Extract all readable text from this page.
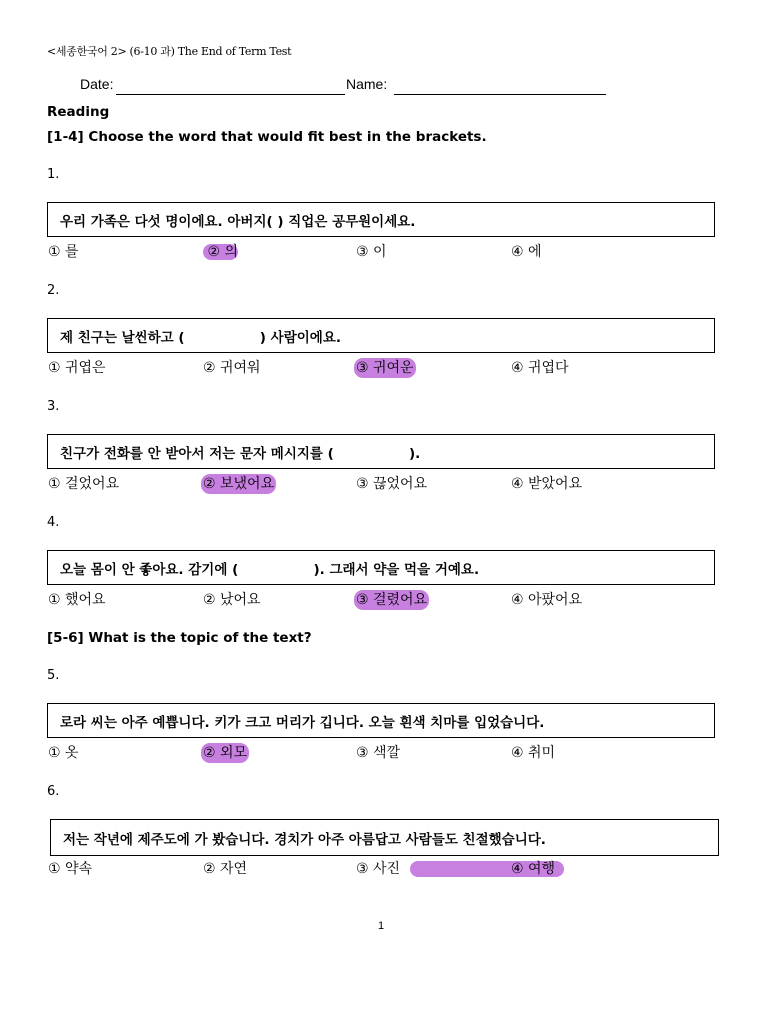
<세종한국어 2> (6-10 과) The End of Term Test
Date:	Name:
Reading
[1-4] Choose the word that would fit best in the brackets.
1.
우리 가족은 다섯 명이에요. 아버지( ) 직업은 공무원이세요.
① 를	② 의	③ 이	④ 에
2.
제 친구는 날씬하고 (                ) 사람이에요.
① 귀엽은	② 귀여워	③ 귀여운	④ 귀엽다
3.
친구가 전화를 안 받아서 저는 문자 메시지를 (                ).
① 걸었어요	② 보냈어요	③ 끊었어요	④ 받았어요
4.
오늘 몸이 안 좋아요. 감기에 (                ). 그래서 약을 먹을 거예요.
① 했어요	② 났어요	③ 걸렸어요	④ 아팠어요
[5-6] What is the topic of the text?
5.
로라 씨는 아주 예쁩니다. 키가 크고 머리가 깁니다. 오늘 흰색 치마를 입었습니다.
① 옷	② 외모	③ 색깔	④ 취미
6.
저는 작년에 제주도에 가 봤습니다. 경치가 아주 아름답고 사람들도 친절했습니다.
① 약속	② 자연	③ 사진	④ 여행
1
